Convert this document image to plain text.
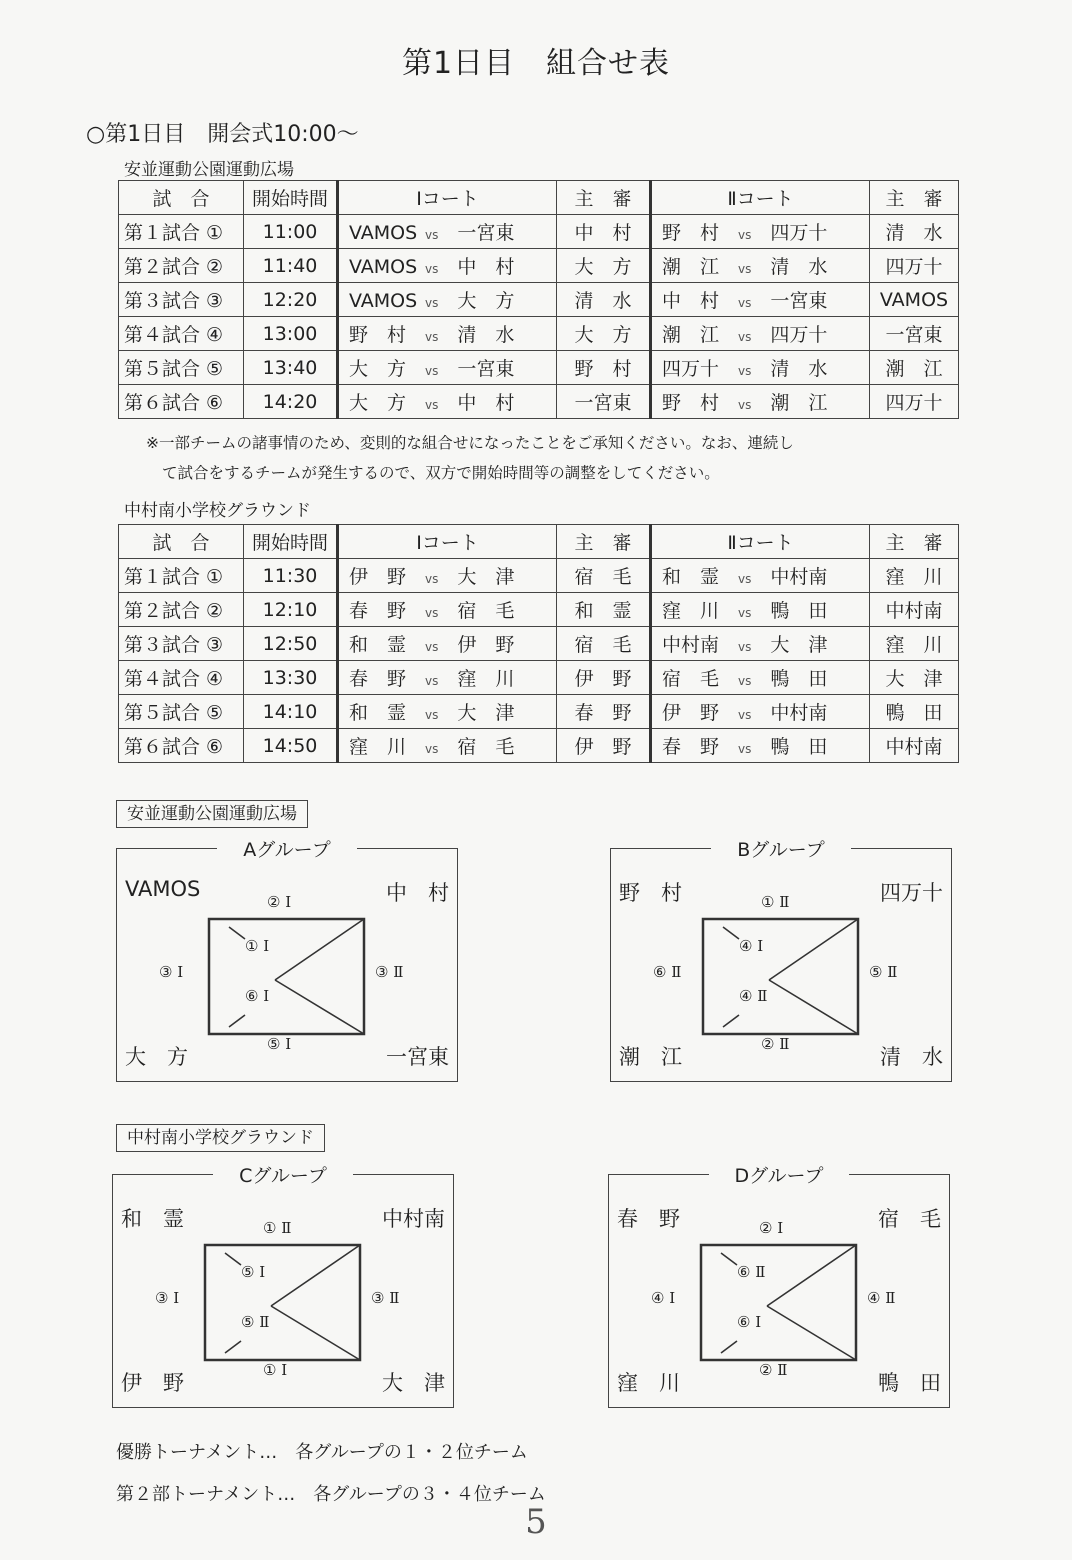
第1日目　組合せ表
○第1日目　開会式10:00～
安並運動公園運動広場
試　合	開始時間	Ⅰコート	主　審	Ⅱコート	主　審
第１試合 ①	11:00	VAMOS vs 一宮東	中　村	野　村 vs 四万十	清　水
第２試合 ②	11:40	VAMOS vs 中　村	大　方	潮　江 vs 清　水	四万十
第３試合 ③	12:20	VAMOS vs 大　方	清　水	中　村 vs 一宮東	VAMOS
第４試合 ④	13:00	野　村 vs 清　水	大　方	潮　江 vs 四万十	一宮東
第５試合 ⑤	13:40	大　方 vs 一宮東	野　村	四万十 vs 清　水	潮　江
第６試合 ⑥	14:20	大　方 vs 中　村	一宮東	野　村 vs 潮　江	四万十
※一部チームの諸事情のため、変則的な組合せになったことをご承知ください。なお、連続し
て試合をするチームが発生するので、双方で開始時間等の調整をしてください。
中村南小学校グラウンド
試　合	開始時間	Ⅰコート	主　審	Ⅱコート	主　審
第１試合 ①	11:30	伊　野 vs 大　津	宿　毛	和　霊 vs 中村南	窪　川
第２試合 ②	12:10	春　野 vs 宿　毛	和　霊	窪　川 vs 鴨　田	中村南
第３試合 ③	12:50	和　霊 vs 伊　野	宿　毛	中村南 vs 大　津	窪　川
第４試合 ④	13:30	春　野 vs 窪　川	伊　野	宿　毛 vs 鴨　田	大　津
第５試合 ⑤	14:10	和　霊 vs 大　津	春　野	伊　野 vs 中村南	鴨　田
第６試合 ⑥	14:50	窪　川 vs 宿　毛	伊　野	春　野 vs 鴨　田	中村南
安並運動公園運動広場
中村南小学校グラウンド
Aグループ
VAMOS	中　村
大　方	一宮東
② Ⅰ
③ Ⅰ	③ Ⅱ
⑤ Ⅰ
① Ⅰ
⑥ Ⅰ
Bグループ
野　村	四万十
潮　江	清　水
① Ⅱ
⑥ Ⅱ	⑤ Ⅱ
② Ⅱ
④ Ⅰ
④ Ⅱ
Cグループ
和　霊	中村南
伊　野	大　津
① Ⅱ
③ Ⅰ	③ Ⅱ
① Ⅰ
⑤ Ⅰ
⑤ Ⅱ
Dグループ
春　野	宿　毛
窪　川	鴨　田
② Ⅰ
④ Ⅰ	④ Ⅱ
② Ⅱ
⑥ Ⅱ
⑥ Ⅰ
優勝トーナメント…　各グループの１・２位チーム
第２部トーナメント…　各グループの３・４位チーム
5
